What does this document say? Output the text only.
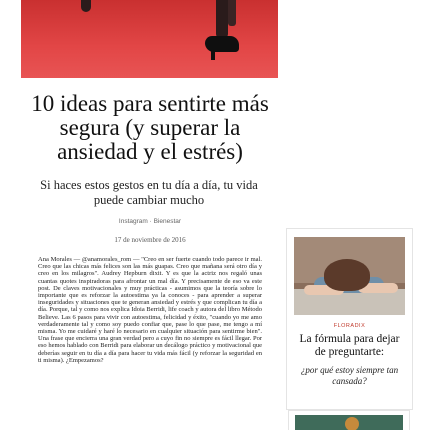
10 ideas para sentirte más segura (y superar la ansiedad y el estrés)

Si haces estos gestos en tu día a día, tu vida puede cambiar mucho

Instagram · Bienestar
17 de noviembre de 2016

Ana Morales — @anamorales_rom — "Creo en ser fuerte cuando todo parece ir mal. Creo que las chicas más felices son las más guapas. Creo que mañana será otro día y creo en los milagros". Audrey Hepburn dixit. Y es que la actriz nos regaló unas cuantas quotes inspiradoras para afrontar un mal día. Y precisamente de eso va este post. De claves motivacionales y muy prácticas - asumimos que la teoría sobre lo importante que es reforzar la autoestima ya la conoces - para aprender a superar inseguridades y situaciones que te generan ansiedad y estrés y que complican tu día a día. Porque, tal y como nos explica Idoia Berridi, life coach y autora del libro Método Believe. Las 6 pasos para vivir con autoestima, felicidad y éxito, "cuando yo me amo verdaderamente tal y como soy puedo confiar que, pase lo que pase, me tengo a mí misma. Yo me cuidaré y haré lo necesario en cualquier situación para sentirme bien". Una frase que encierra una gran verdad pero a cuyo fin no siempre es fácil llegar. Por eso hemos hablado con Berridi para elaborar un decálogo práctico y motivacional que deberías seguir en tu día a día para hacer tu vida más fácil (y reforzar la seguridad en ti misma). ¿Empezamos?

FLORADIX
La fórmula para dejar de preguntarte:
¿por qué estoy siempre tan cansada?
